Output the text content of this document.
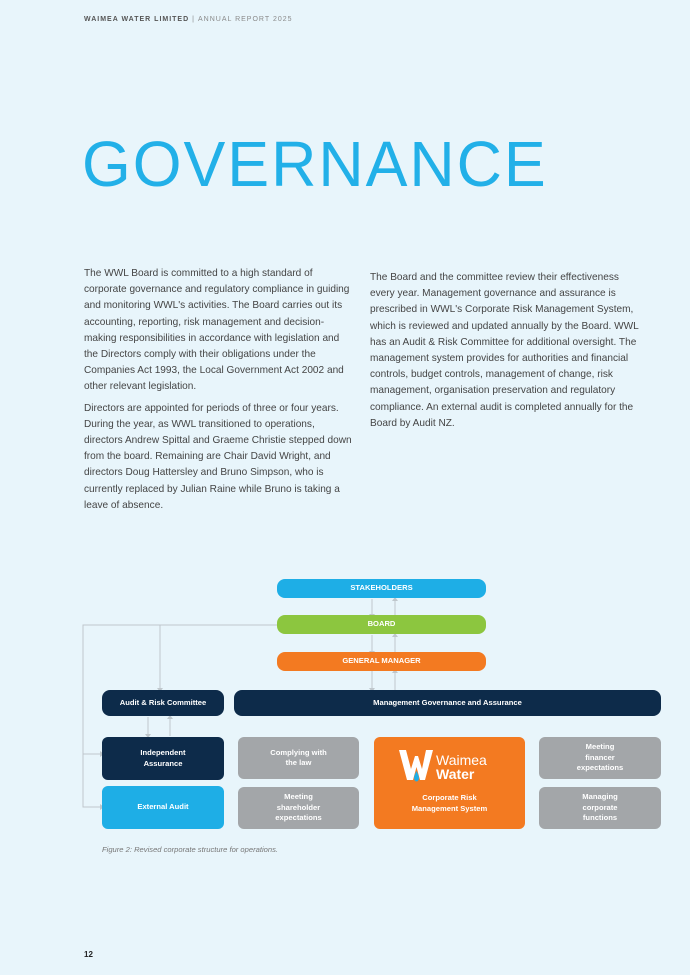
WAIMEA WATER LIMITED | ANNUAL REPORT 2025
GOVERNANCE

The WWL Board is committed to a high standard of corporate governance and regulatory compliance in guiding and monitoring WWL's activities. The Board carries out its accounting, reporting, risk management and decision-making responsibilities in accordance with legislation and the Directors comply with their obligations under the Companies Act 1993, the Local Government Act 2002 and other relevant legislation.

Directors are appointed for periods of three or four years. During the year, as WWL transitioned to operations, directors Andrew Spittal and Graeme Christie stepped down from the board. Remaining are Chair David Wright, and directors Doug Hattersley and Bruno Simpson, who is currently replaced by Julian Raine while Bruno is taking a leave of absence.

The Board and the committee review their effectiveness every year. Management governance and assurance is prescribed in WWL's Corporate Risk Management System, which is reviewed and updated annually by the Board. WWL has an Audit & Risk Committee for additional oversight. The management system provides for authorities and financial controls, budget controls, management of change, risk management, organisation preservation and regulatory compliance. An external audit is completed annually for the Board by Audit NZ.

STAKEHOLDERS
BOARD
GENERAL MANAGER
Audit & Risk Committee	Management Governance and Assurance
Independent Assurance
External Audit
Complying with the law
Meeting shareholder expectations
Waimea
Water
Corporate Risk Management System
Meeting financer expectations
Managing corporate functions
Figure 2: Revised corporate structure for operations.
12
